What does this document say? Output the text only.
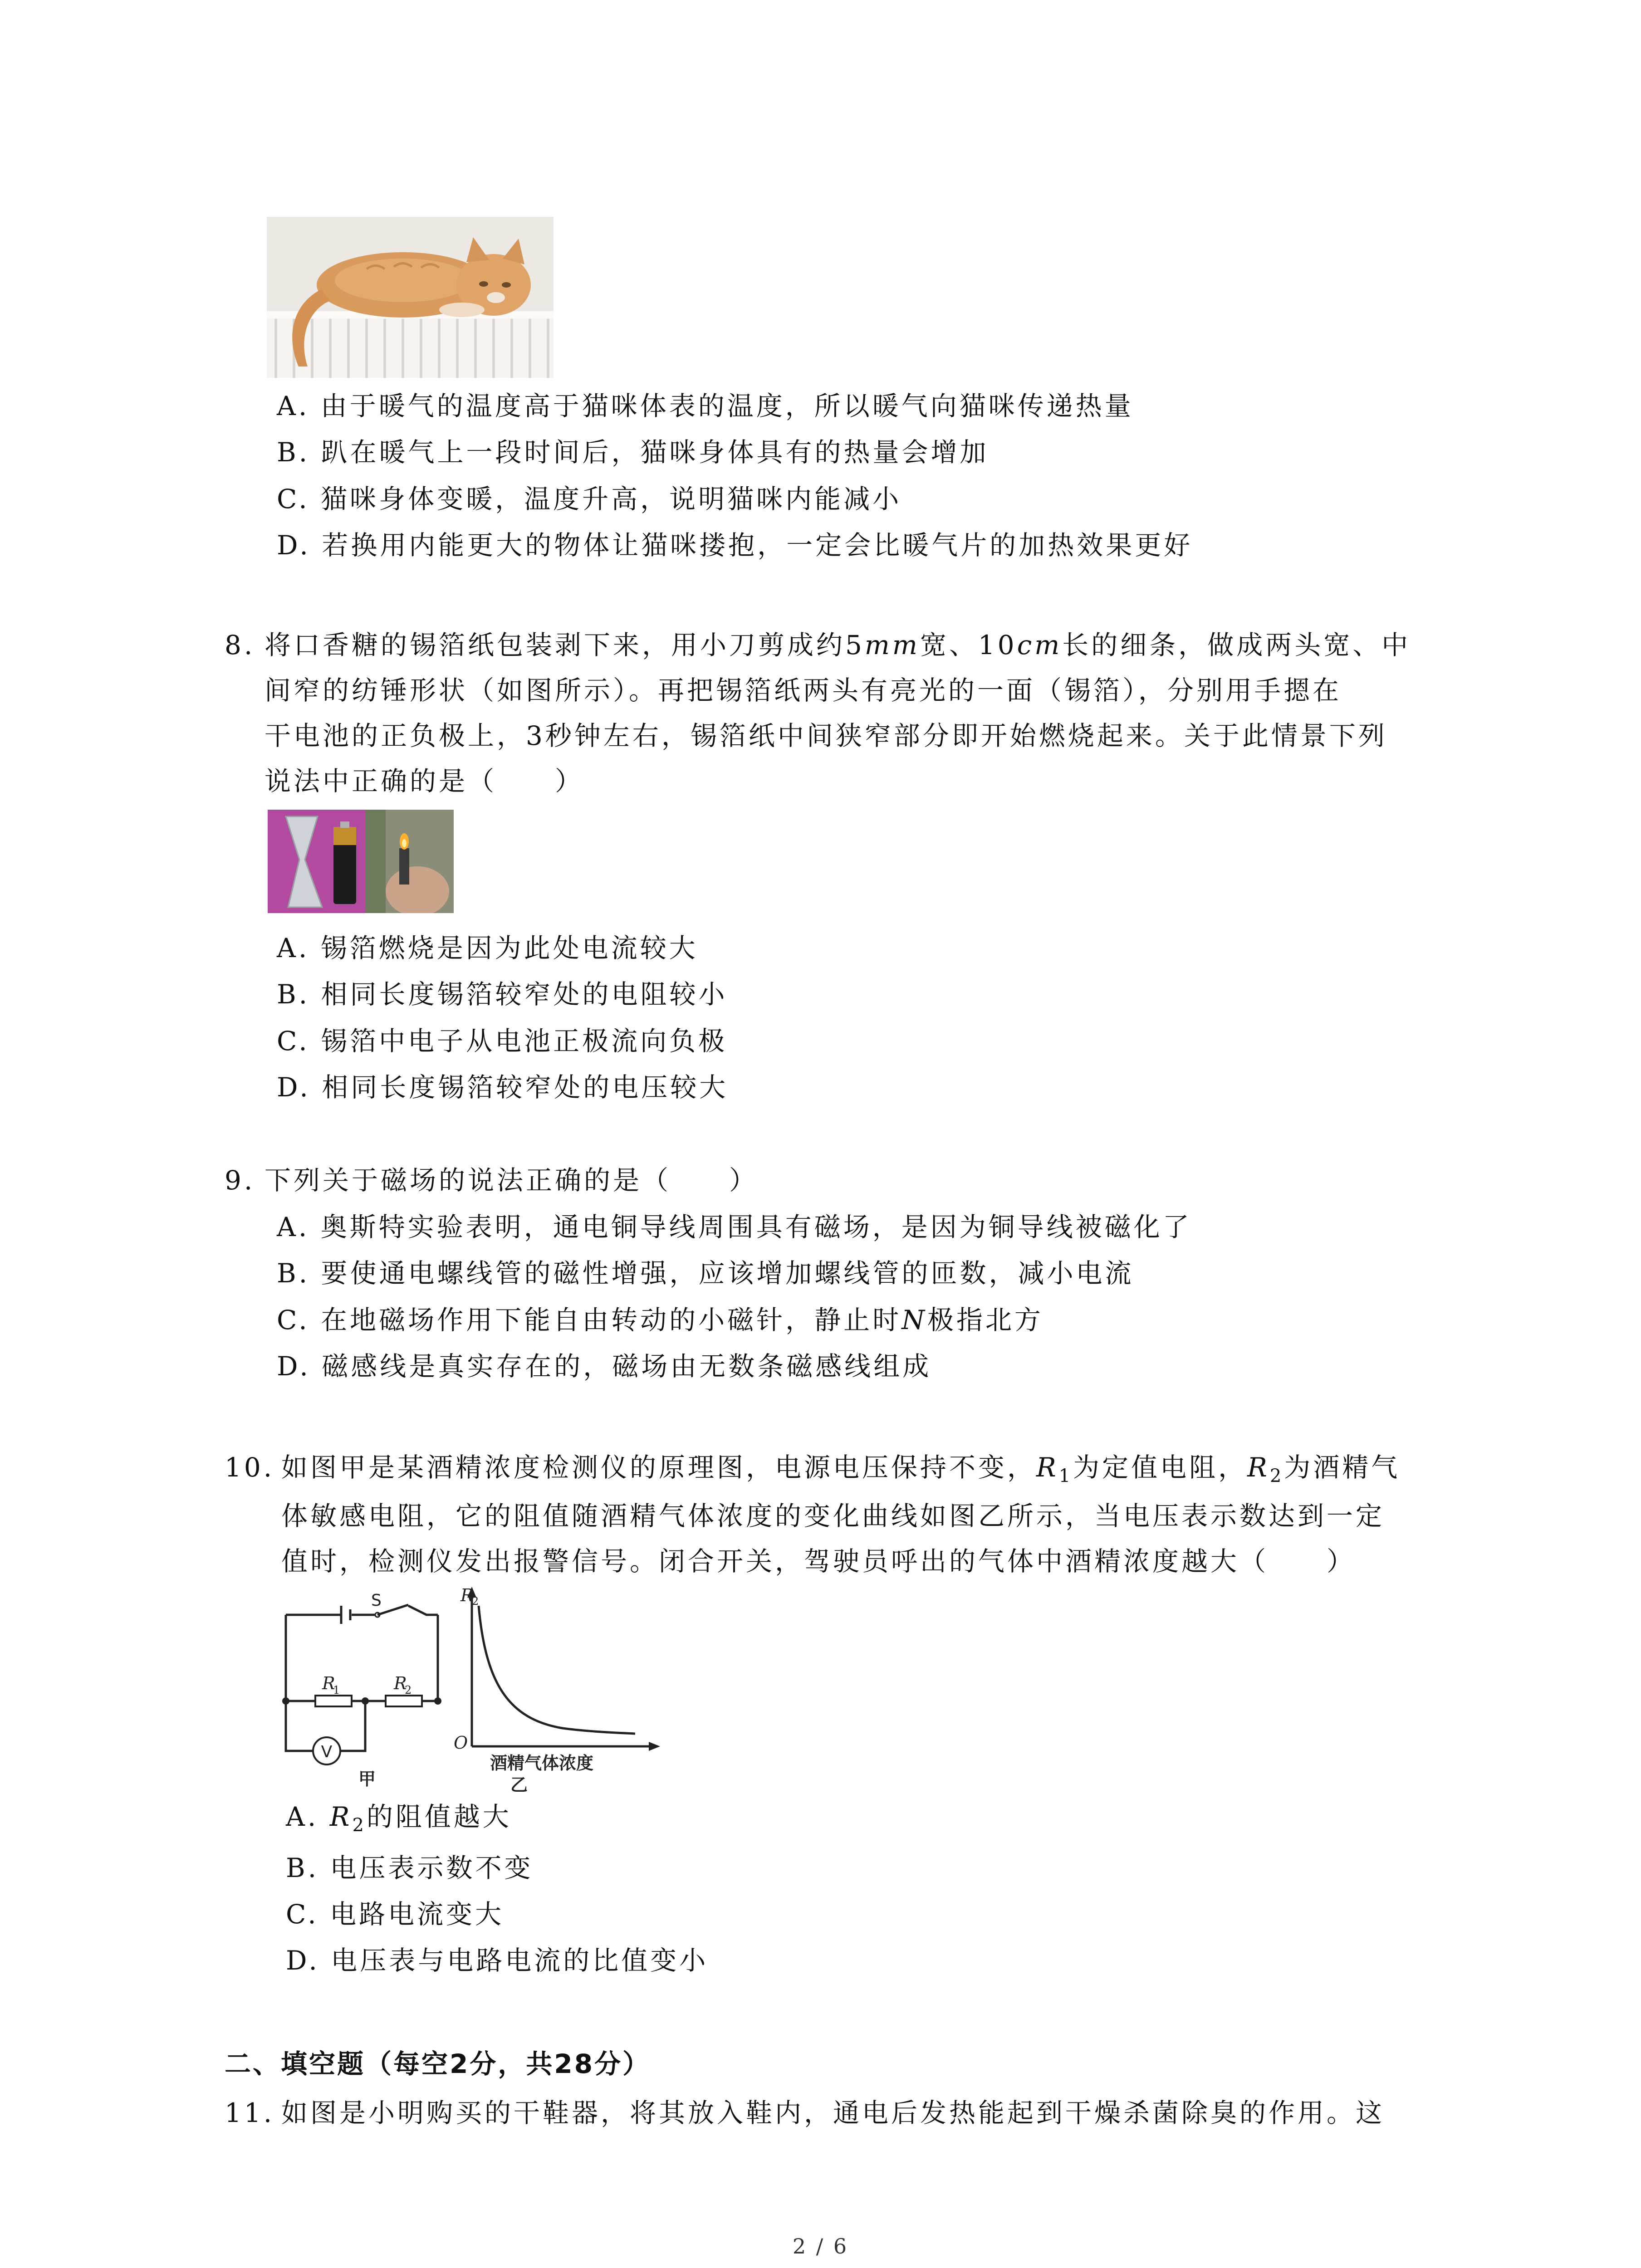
A. 由于暖气的温度高于猫咪体表的温度，所以暖气向猫咪传递热量
B. 趴在暖气上一段时间后，猫咪身体具有的热量会增加
C. 猫咪身体变暖，温度升高，说明猫咪内能减小
D. 若换用内能更大的物体让猫咪搂抱，一定会比暖气片的加热效果更好
8. 将口香糖的锡箔纸包装剥下来，用小刀剪成约5mm宽、10cm长的细条，做成两头宽、中
间窄的纺锤形状（如图所示）。再把锡箔纸两头有亮光的一面（锡箔），分别用手摁在
干电池的正负极上，3秒钟左右，锡箔纸中间狭窄部分即开始燃烧起来。关于此情景下列
说法中正确的是（　　）
A. 锡箔燃烧是因为此处电流较大
B. 相同长度锡箔较窄处的电阻较小
C. 锡箔中电子从电池正极流向负极
D. 相同长度锡箔较窄处的电压较大
9. 下列关于磁场的说法正确的是（　　）
A. 奥斯特实验表明，通电铜导线周围具有磁场，是因为铜导线被磁化了
B. 要使通电螺线管的磁性增强，应该增加螺线管的匝数，减小电流
C. 在地磁场作用下能自由转动的小磁针，静止时N极指北方
D. 磁感线是真实存在的，磁场由无数条磁感线组成
10. 如图甲是某酒精浓度检测仪的原理图，电源电压保持不变，$R_1$为定值电阻，$R_2$为酒精气
体敏感电阻，它的阻值随酒精气体浓度的变化曲线如图乙所示，当电压表示数达到一定
值时，检测仪发出报警信号。闭合开关，驾驶员呼出的气体中酒精浓度越大（　　）
V
S
R
1	R
2
甲
R
2
O
酒精气体浓度
乙
A. $R_2$的阻值越大
B. 电压表示数不变
C. 电路电流变大
D. 电压表与电路电流的比值变小
二、填空题（每空2分，共28分）
11. 如图是小明购买的干鞋器，将其放入鞋内，通电后发热能起到干燥杀菌除臭的作用。这
2 / 6
